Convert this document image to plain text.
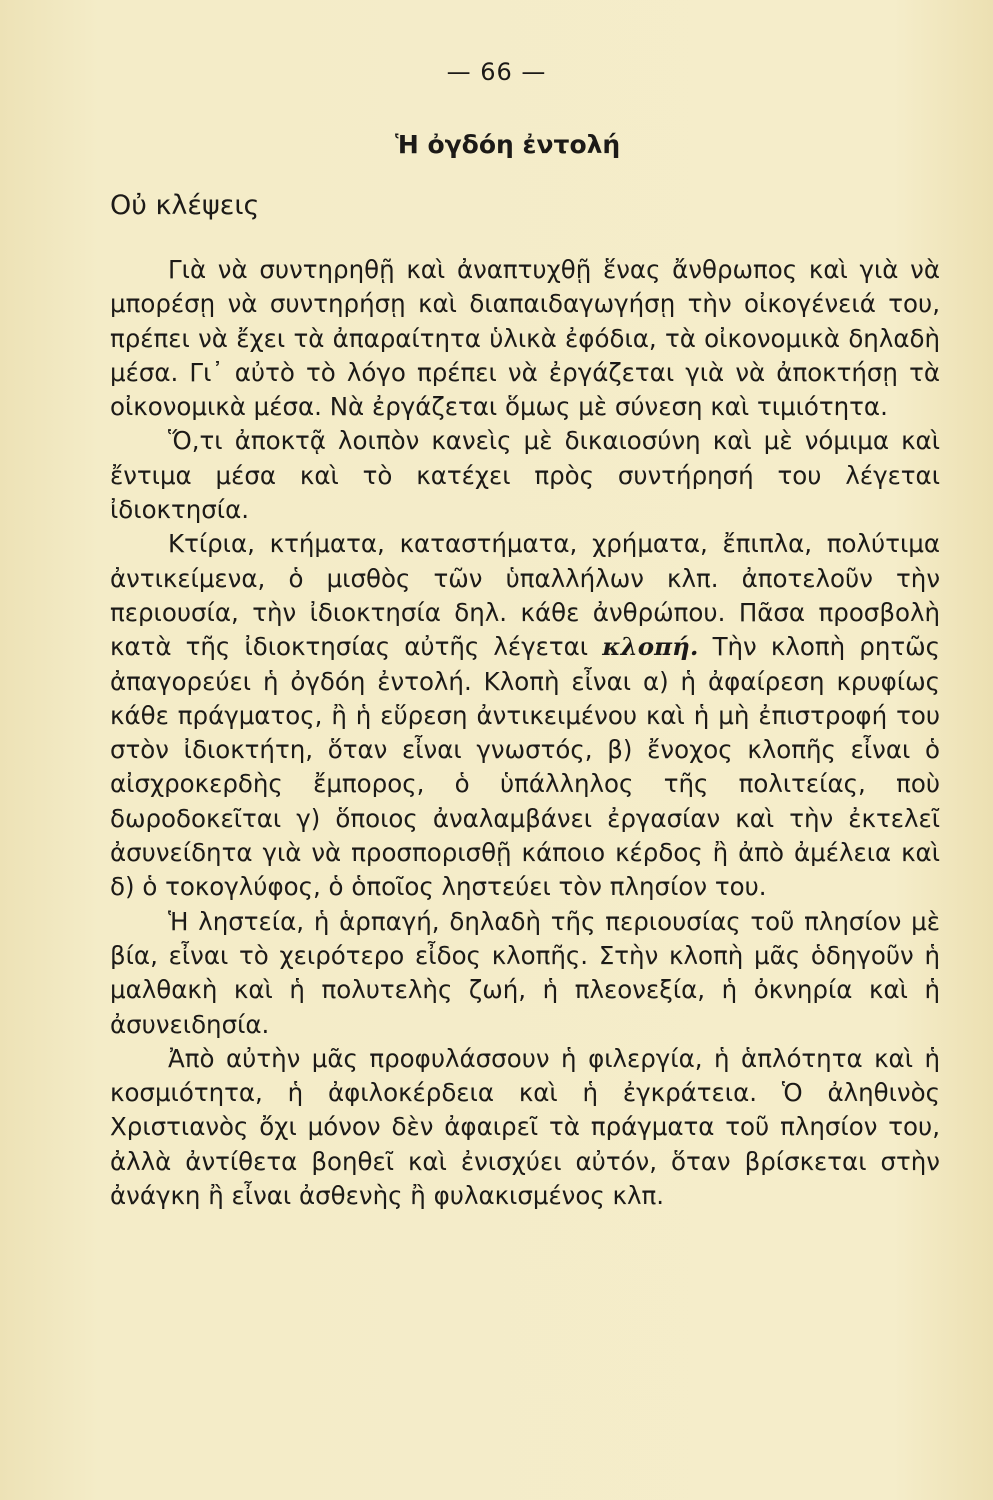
— 66 —
Ἡ ὀγδόη ἐντολή
Οὐ κλέψεις

Γιὰ νὰ συντηρηθῇ καὶ ἀναπτυχθῇ ἕνας ἄνθρωπος καὶ γιὰ νὰ μπορέσῃ νὰ συντηρήσῃ καὶ διαπαιδαγωγήσῃ τὴν οἰκογένειά του, πρέπει νὰ ἔχει τὰ ἀπαραίτητα ὑλικὰ ἐφόδια, τὰ οἰκονομικὰ δηλαδὴ μέσα. Γι᾿ αὐτὸ τὸ λόγο πρέπει νὰ ἐργάζεται γιὰ νὰ ἀποκτήσῃ τὰ οἰκονομικὰ μέσα. Νὰ ἐργάζεται ὅμως μὲ σύνεση καὶ τιμιότητα.

Ὅ,τι ἀποκτᾷ λοιπὸν κανεὶς μὲ δικαιοσύνη καὶ μὲ νόμιμα καὶ ἔντιμα μέσα καὶ τὸ κατέχει πρὸς συντήρησή του λέγεται ἰδιοκτησία.

Κτίρια, κτήματα, καταστήματα, χρήματα, ἔπιπλα, πολύτιμα ἀντικείμενα, ὁ μισθὸς τῶν ὑπαλλήλων κλπ. ἀποτελοῦν τὴν περιουσία, τὴν ἰδιοκτησία δηλ. κάθε ἀνθρώπου. Πᾶσα προσβολὴ κατὰ τῆς ἰδιοκτησίας αὐτῆς λέγεται κλοπή. Τὴν κλοπὴ ρητῶς ἀπαγορεύει ἡ ὀγδόη ἐντολή. Κλοπὴ εἶναι α) ἡ ἀφαίρεση κρυφίως κάθε πράγματος, ἢ ἡ εὕρεση ἀντικειμένου καὶ ἡ μὴ ἐπιστροφή του στὸν ἰδιοκτήτη, ὅταν εἶναι γνωστός, β) ἔνοχος κλοπῆς εἶναι ὁ αἰσχροκερδὴς ἔμπορος, ὁ ὑπάλληλος τῆς πολιτείας, ποὺ δωροδοκεῖται γ) ὅποιος ἀναλαμβάνει ἐργασίαν καὶ τὴν ἐκτελεῖ ἀσυνείδητα γιὰ νὰ προσπορισθῇ κάποιο κέρδος ἢ ἀπὸ ἀμέλεια καὶ δ) ὁ τοκογλύφος, ὁ ὁποῖος ληστεύει τὸν πλησίον του.

Ἡ ληστεία, ἡ ἁρπαγή, δηλαδὴ τῆς περιουσίας τοῦ πλησίον μὲ βία, εἶναι τὸ χειρότερο εἶδος κλοπῆς. Στὴν κλοπὴ μᾶς ὁδηγοῦν ἡ μαλθακὴ καὶ ἡ πολυτελὴς ζωή, ἡ πλεονεξία, ἡ ὀκνηρία καὶ ἡ ἀσυνειδησία.

Ἀπὸ αὐτὴν μᾶς προφυλάσσουν ἡ φιλεργία, ἡ ἁπλότητα καὶ ἡ κοσμιότητα, ἡ ἀφιλοκέρδεια καὶ ἡ ἐγκράτεια. Ὁ ἀληθινὸς Χριστιανὸς ὄχι μόνον δὲν ἀφαιρεῖ τὰ πράγματα τοῦ πλησίον του, ἀλλὰ ἀντίθετα βοηθεῖ καὶ ἐνισχύει αὐτόν, ὅταν βρίσκεται στὴν ἀνάγκη ἢ εἶναι ἀσθενὴς ἢ φυλακισμένος κλπ.
